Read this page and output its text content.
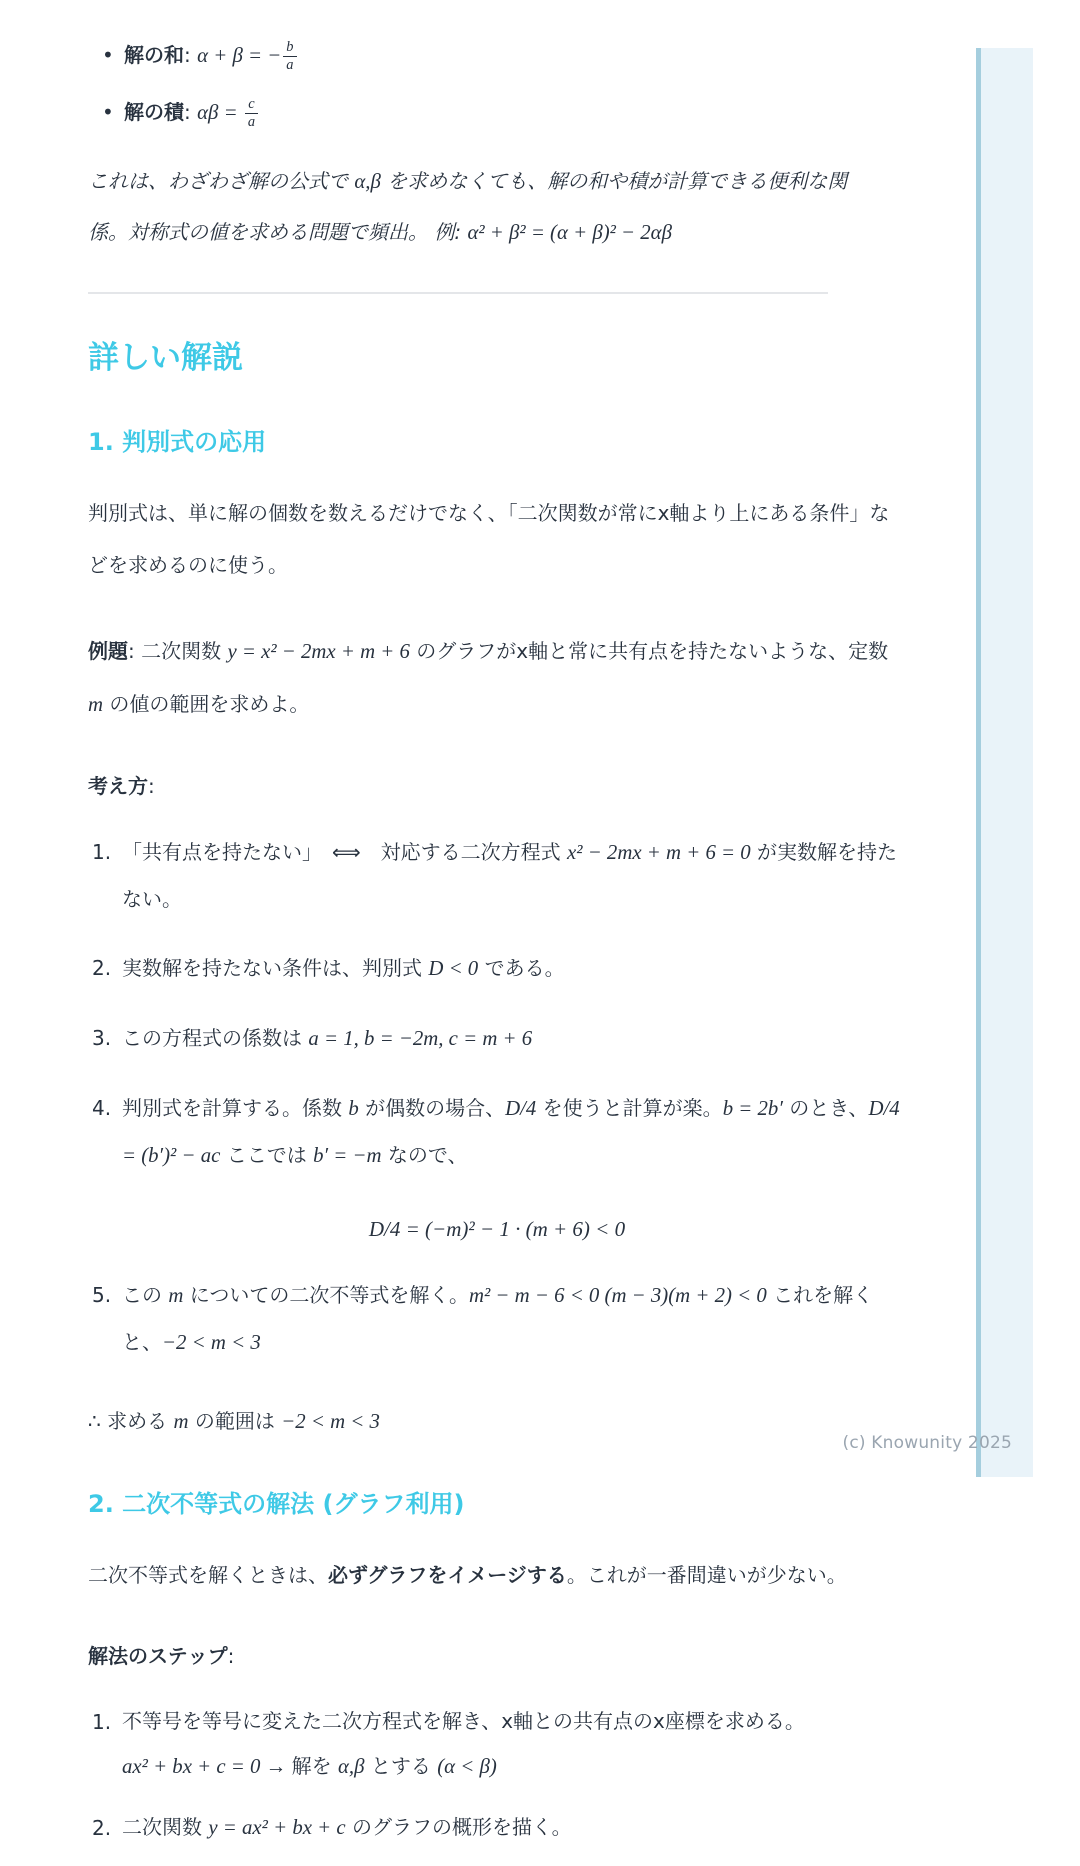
(c) Knowunity 2025
• 解の和: α + β = − $\frac{b}{a}$
• 解の積: $\alpha\beta = \frac{c}{a}$

これは、わざわざ解の公式で α,β を求めなくても、解の和や積が計算できる便利な関係。対称式の値を求める問題で頻出。 例: α² + β² = (α + β)² − 2αβ

詳しい解説
1. 判別式の応用

判別式は、単に解の個数を数えるだけでなく、「二次関数が常にx軸より上にある条件」などを求めるのに使う。

例題: 二次関数 y = x² − 2mx + m + 6 のグラフがx軸と常に共有点を持たないような、定数 m の値の範囲を求めよ。

考え方:

「共有点を持たない」　⟺　対応する二次方程式 x² − 2mx + m + 6 = 0 が実数解を持たない。
実数解を持たない条件は、判別式 D < 0 である。
この方程式の係数は a = 1, b = −2m, c = m + 6
判別式を計算する。係数 b が偶数の場合、D/4 を使うと計算が楽。b = 2b′ のとき、D/4 = (b′)² − ac ここでは b′ = −m なので、
D/4 = (−m)² − 1 · (m + 6) < 0
この m についての二次不等式を解く。m² − m − 6 < 0 (m − 3)(m + 2) < 0 これを解くと、−2 < m < 3

∴ 求める m の範囲は −2 < m < 3

2. 二次不等式の解法 (グラフ利用)

二次不等式を解くときは、必ずグラフをイメージする。これが一番間違いが少ない。

解法のステップ:

不等号を等号に変えた二次方程式を解き、x軸との共有点のx座標を求める。
ax² + bx + c = 0 → 解を α,β とする (α < β)
二次関数 y = ax² + bx + c のグラフの概形を描く。
